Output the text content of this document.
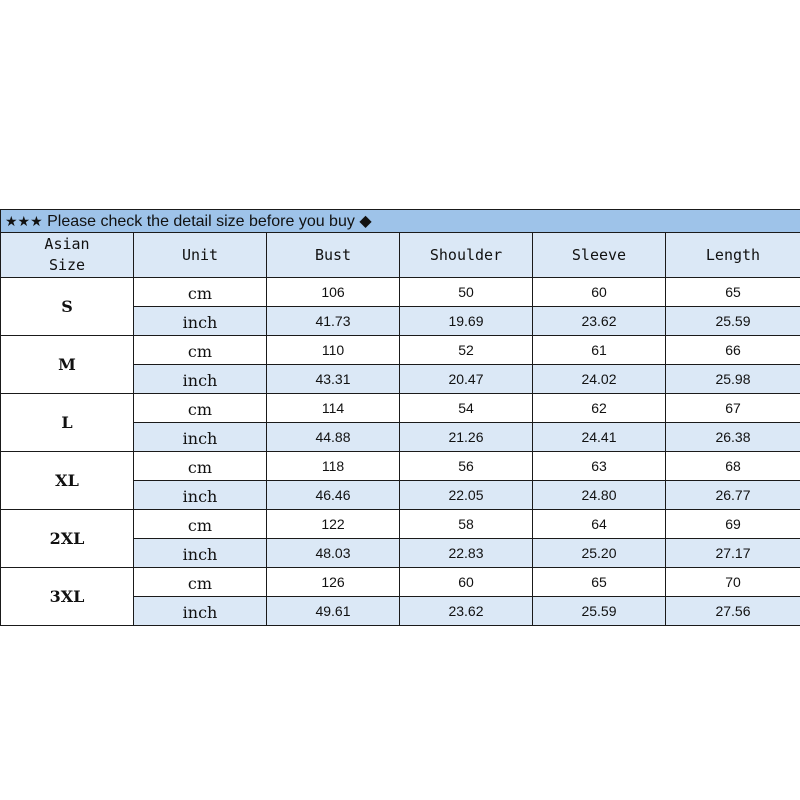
★★★ Please check the detail size before you buy ◆					

Asian
Size	Unit	Bust	Shoulder	Sleeve	Length
S	cm	106	50	60	65
	inch	41.73	19.69	23.62	25.59
M	cm	110	52	61	66
	inch	43.31	20.47	24.02	25.98
L	cm	114	54	62	67
	inch	44.88	21.26	24.41	26.38
XL	cm	118	56	63	68
	inch	46.46	22.05	24.80	26.77
2XL	cm	122	58	64	69
	inch	48.03	22.83	25.20	27.17
3XL	cm	126	60	65	70
	inch	49.61	23.62	25.59	27.56
